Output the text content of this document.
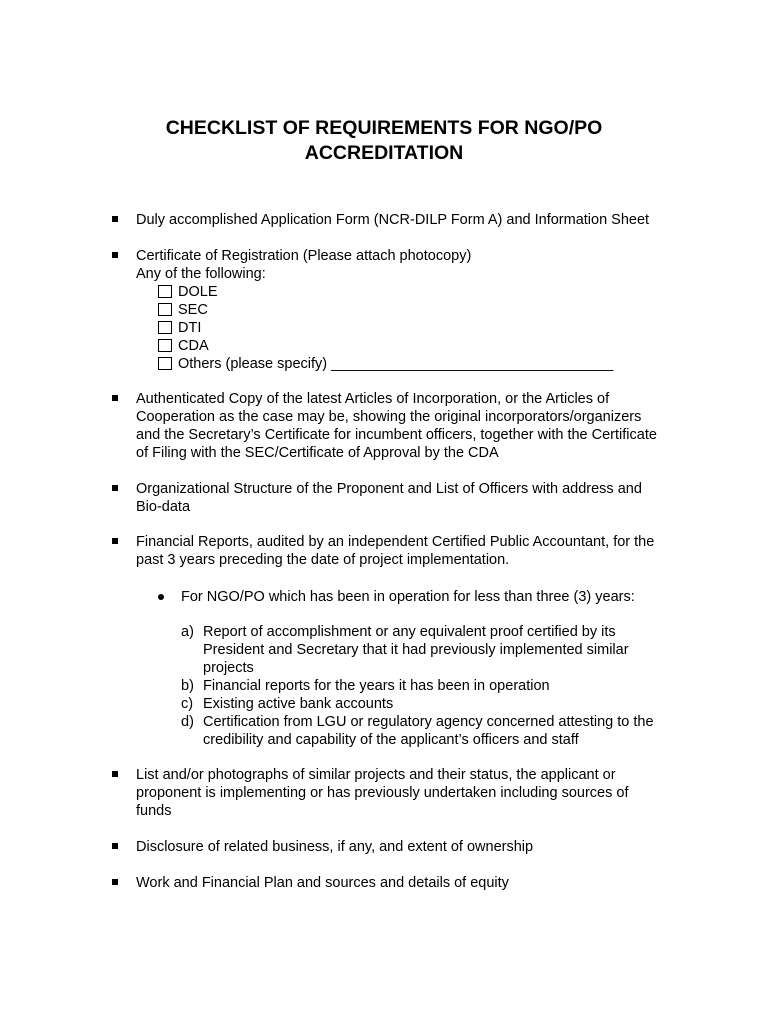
CHECKLIST OF REQUIREMENTS FOR NGO/PO
ACCREDITATION
Duly accomplished Application Form (NCR-DILP Form A) and Information Sheet
Certificate of Registration (Please attach photocopy)
Any of the following:
DOLE
SEC
DTI
CDA
Others (please specify) ___________________________________
Authenticated Copy of the latest Articles of Incorporation, or the Articles of
Cooperation as the case may be, showing the original incorporators/organizers
and the Secretary’s Certificate for incumbent officers, together with the Certificate
of Filing with the SEC/Certificate of Approval by the CDA
Organizational Structure of the Proponent and List of Officers with address and
Bio-data
Financial Reports, audited by an independent Certified Public Accountant, for the
past 3 years preceding the date of project implementation.
For NGO/PO which has been in operation for less than three (3) years:
a) Report of accomplishment or any equivalent proof certified by its
President and Secretary that it had previously implemented similar
projects
b) Financial reports for the years it has been in operation
c) Existing active bank accounts
d) Certification from LGU or regulatory agency concerned attesting to the
credibility and capability of the applicant’s officers and staff
List and/or photographs of similar projects and their status, the applicant or
proponent is implementing or has previously undertaken including sources of
funds
Disclosure of related business, if any, and extent of ownership
Work and Financial Plan and sources and details of equity
